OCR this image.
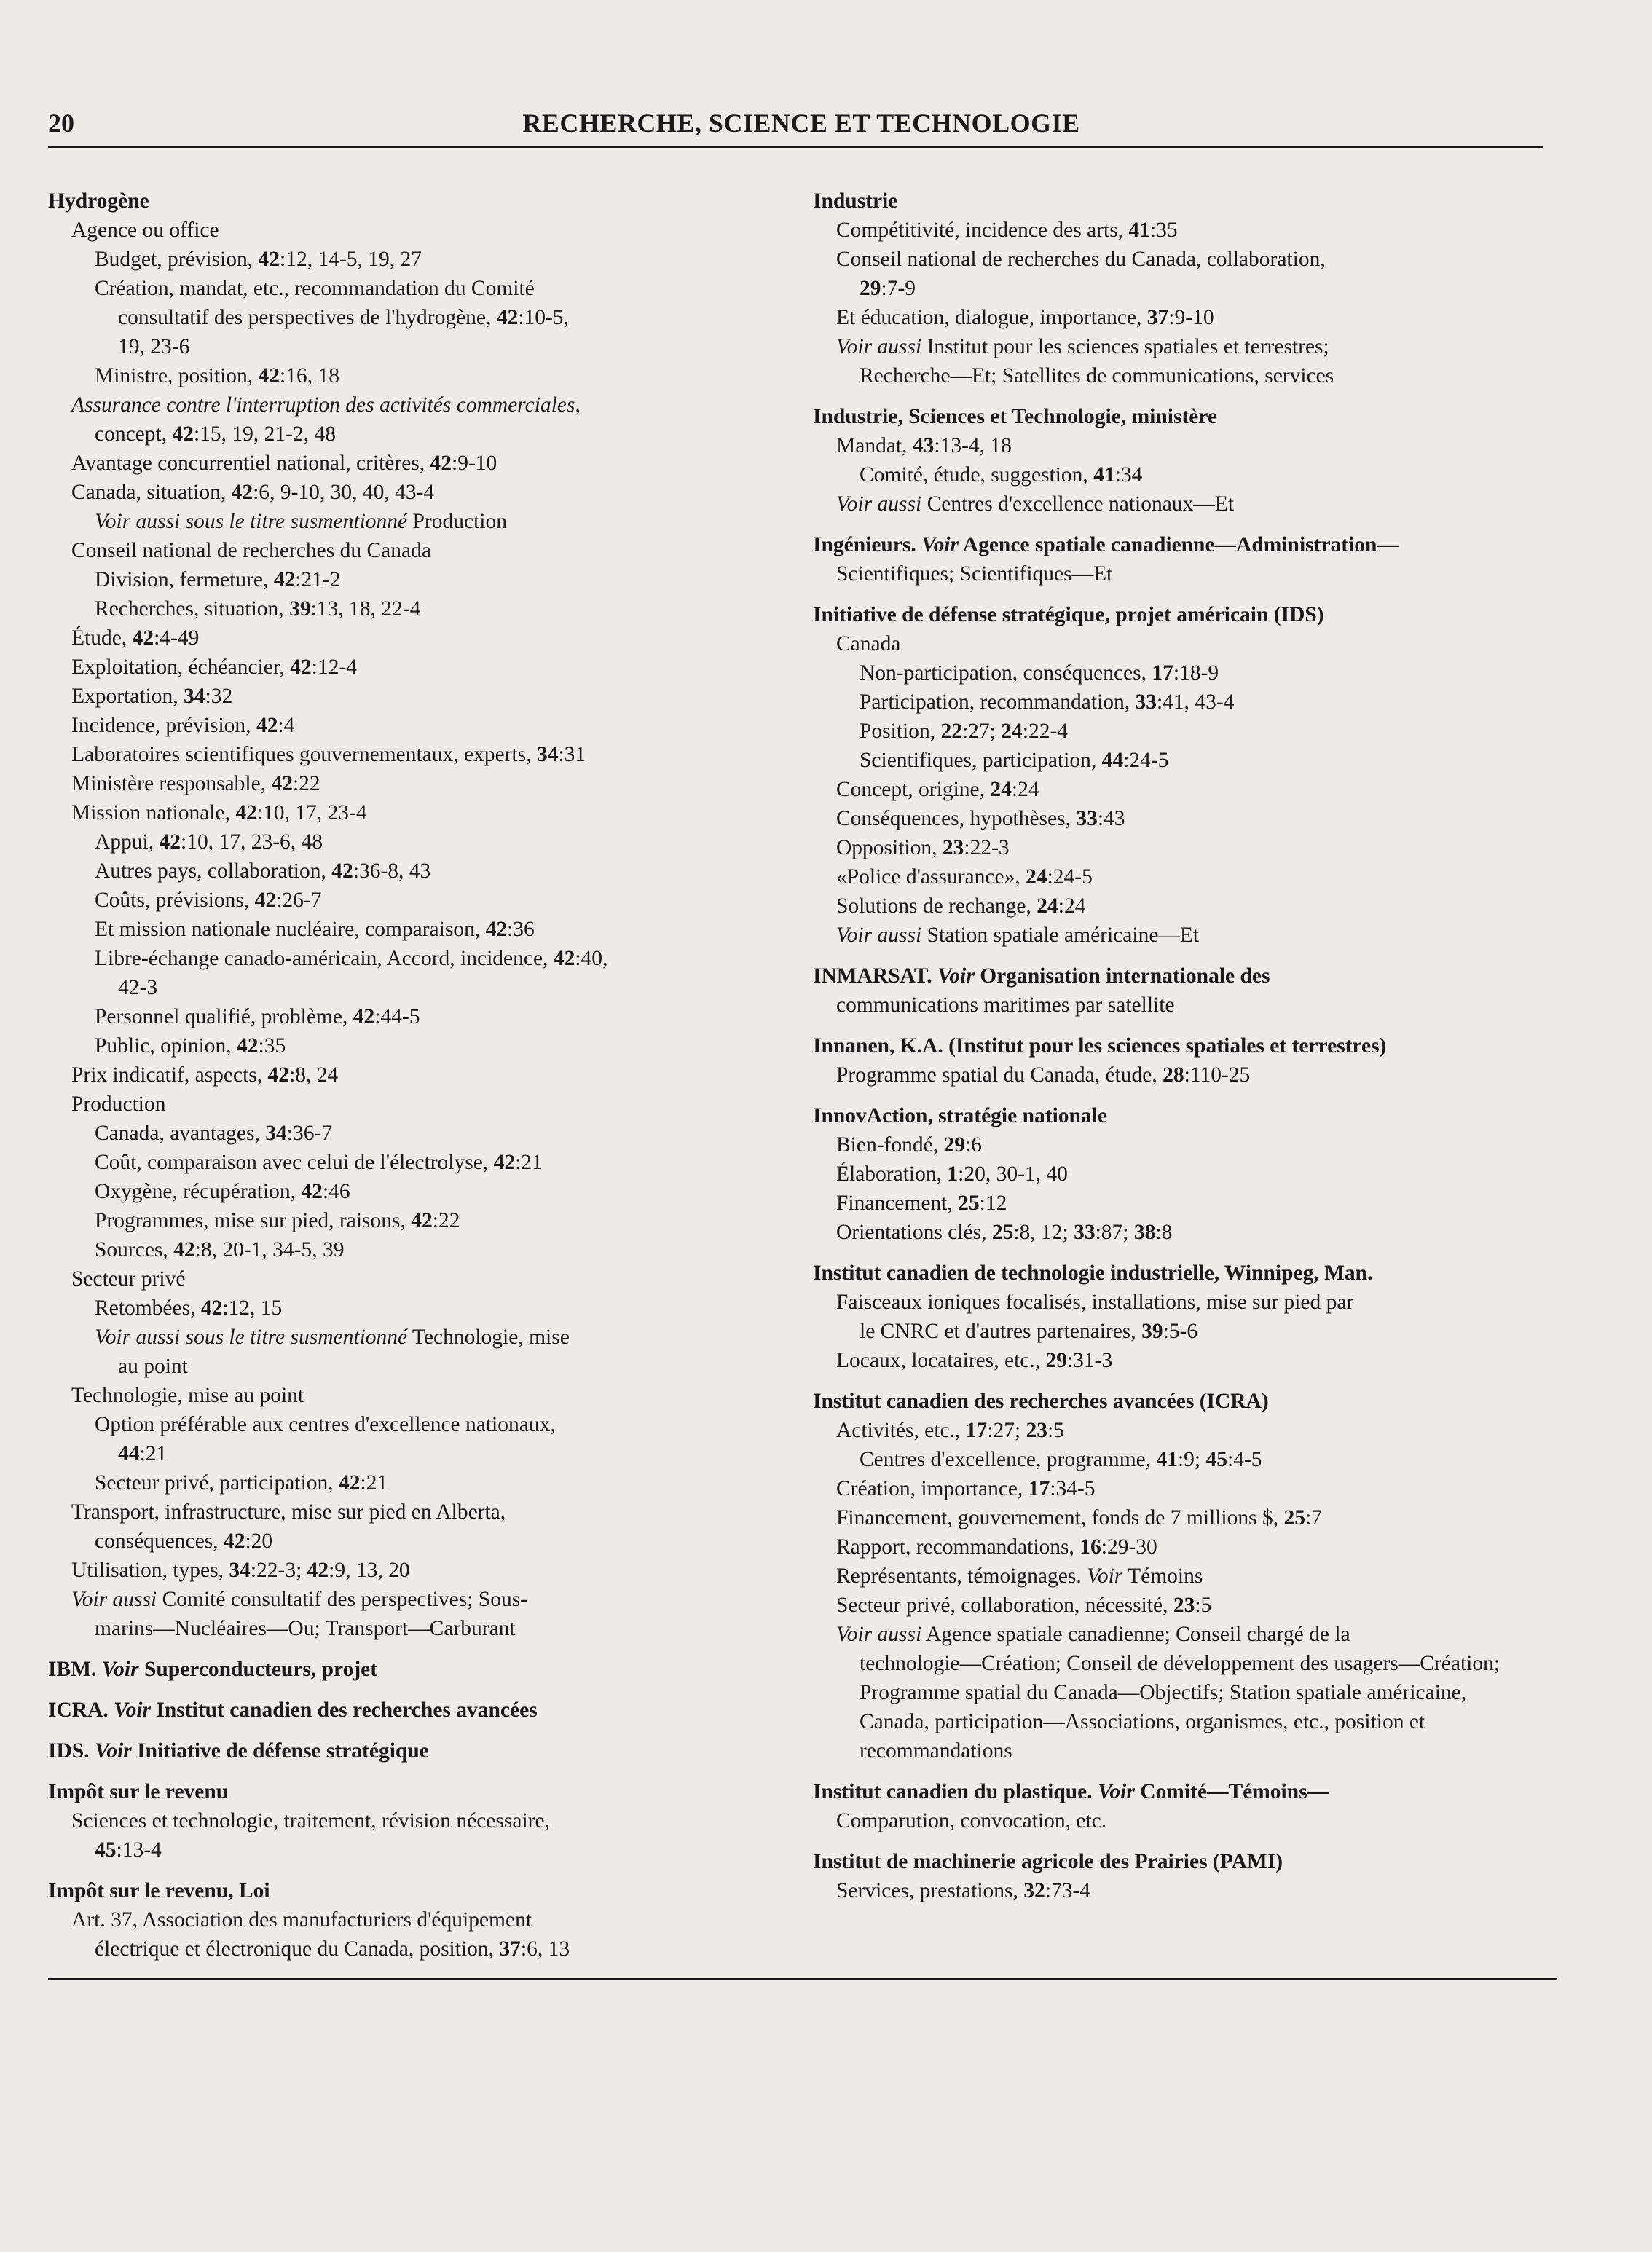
20	RECHERCHE, SCIENCE ET TECHNOLOGIE
Hydrogène
Agence ou office
Budget, prévision, 42:12, 14-5, 19, 27
Création, mandat, etc., recommandation du Comité
consultatif des perspectives de l'hydrogène, 42:10-5,
19, 23-6
Ministre, position, 42:16, 18
Assurance contre l'interruption des activités commerciales,
concept, 42:15, 19, 21-2, 48
Avantage concurrentiel national, critères, 42:9-10
Canada, situation, 42:6, 9-10, 30, 40, 43-4
Voir aussi sous le titre susmentionné Production
Conseil national de recherches du Canada
Division, fermeture, 42:21-2
Recherches, situation, 39:13, 18, 22-4
Étude, 42:4-49
Exploitation, échéancier, 42:12-4
Exportation, 34:32
Incidence, prévision, 42:4
Laboratoires scientifiques gouvernementaux, experts, 34:31
Ministère responsable, 42:22
Mission nationale, 42:10, 17, 23-4
Appui, 42:10, 17, 23-6, 48
Autres pays, collaboration, 42:36-8, 43
Coûts, prévisions, 42:26-7
Et mission nationale nucléaire, comparaison, 42:36
Libre-échange canado-américain, Accord, incidence, 42:40,
42-3
Personnel qualifié, problème, 42:44-5
Public, opinion, 42:35
Prix indicatif, aspects, 42:8, 24
Production
Canada, avantages, 34:36-7
Coût, comparaison avec celui de l'électrolyse, 42:21
Oxygène, récupération, 42:46
Programmes, mise sur pied, raisons, 42:22
Sources, 42:8, 20-1, 34-5, 39
Secteur privé
Retombées, 42:12, 15
Voir aussi sous le titre susmentionné Technologie, mise
au point
Technologie, mise au point
Option préférable aux centres d'excellence nationaux,
44:21
Secteur privé, participation, 42:21
Transport, infrastructure, mise sur pied en Alberta,
conséquences, 42:20
Utilisation, types, 34:22-3; 42:9, 13, 20
Voir aussi Comité consultatif des perspectives; Sous-
marins—Nucléaires—Ou; Transport—Carburant
IBM. Voir Superconducteurs, projet
ICRA. Voir Institut canadien des recherches avancées
IDS. Voir Initiative de défense stratégique
Impôt sur le revenu
Sciences et technologie, traitement, révision nécessaire,
45:13-4
Impôt sur le revenu, Loi
Art. 37, Association des manufacturiers d'équipement
électrique et électronique du Canada, position, 37:6, 13
Industrie
Compétitivité, incidence des arts, 41:35
Conseil national de recherches du Canada, collaboration,
29:7-9
Et éducation, dialogue, importance, 37:9-10
Voir aussi Institut pour les sciences spatiales et terrestres;
Recherche—Et; Satellites de communications, services
Industrie, Sciences et Technologie, ministère
Mandat, 43:13-4, 18
Comité, étude, suggestion, 41:34
Voir aussi Centres d'excellence nationaux—Et
Ingénieurs. Voir Agence spatiale canadienne—Administration—
Scientifiques; Scientifiques—Et
Initiative de défense stratégique, projet américain (IDS)
Canada
Non-participation, conséquences, 17:18-9
Participation, recommandation, 33:41, 43-4
Position, 22:27; 24:22-4
Scientifiques, participation, 44:24-5
Concept, origine, 24:24
Conséquences, hypothèses, 33:43
Opposition, 23:22-3
«Police d'assurance», 24:24-5
Solutions de rechange, 24:24
Voir aussi Station spatiale américaine—Et
INMARSAT. Voir Organisation internationale des
communications maritimes par satellite
Innanen, K.A. (Institut pour les sciences spatiales et terrestres)
Programme spatial du Canada, étude, 28:110-25
InnovAction, stratégie nationale
Bien-fondé, 29:6
Élaboration, 1:20, 30-1, 40
Financement, 25:12
Orientations clés, 25:8, 12; 33:87; 38:8
Institut canadien de technologie industrielle, Winnipeg, Man.
Faisceaux ioniques focalisés, installations, mise sur pied par
le CNRC et d'autres partenaires, 39:5-6
Locaux, locataires, etc., 29:31-3
Institut canadien des recherches avancées (ICRA)
Activités, etc., 17:27; 23:5
Centres d'excellence, programme, 41:9; 45:4-5
Création, importance, 17:34-5
Financement, gouvernement, fonds de 7 millions $, 25:7
Rapport, recommandations, 16:29-30
Représentants, témoignages. Voir Témoins
Secteur privé, collaboration, nécessité, 23:5
Voir aussi Agence spatiale canadienne; Conseil chargé de la
technologie—Création; Conseil de développement des usagers—Création; Programme spatial du Canada—Objectifs; Station spatiale américaine, Canada, participation—Associations, organismes, etc., position et recommandations
Institut canadien du plastique. Voir Comité—Témoins—
Comparution, convocation, etc.
Institut de machinerie agricole des Prairies (PAMI)
Services, prestations, 32:73-4
